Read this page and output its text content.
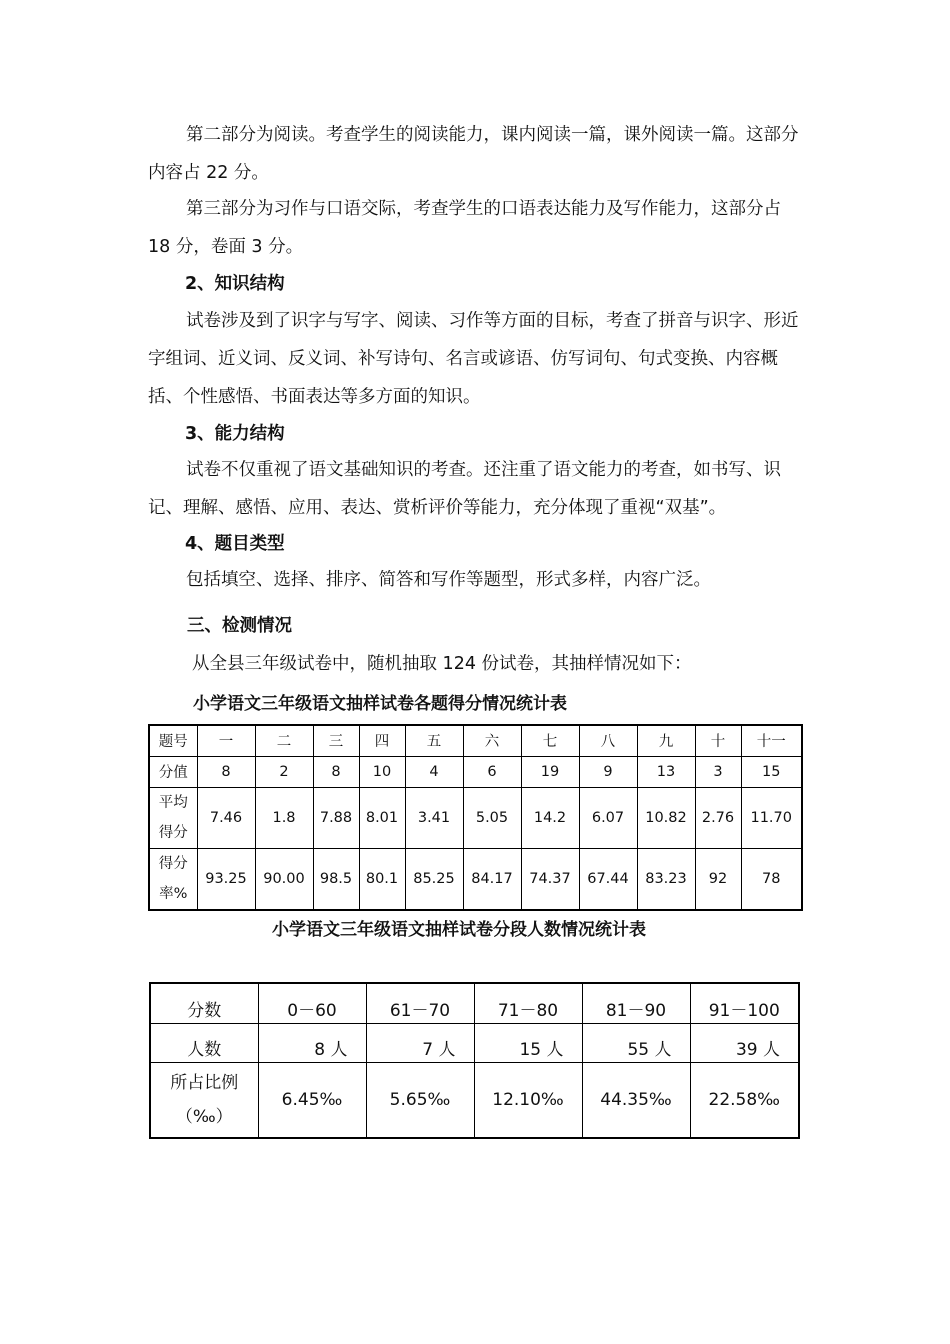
第二部分为阅读。考查学生的阅读能力，课内阅读一篇，课外阅读一篇。这部分内容占 22 分。

第三部分为习作与口语交际，考查学生的口语表达能力及写作能力，这部分占 18 分，卷面 3 分。

2、知识结构

试卷涉及到了识字与写字、阅读、习作等方面的目标，考查了拼音与识字、形近字组词、近义词、反义词、补写诗句、名言或谚语、仿写词句、句式变换、内容概括、个性感悟、书面表达等多方面的知识。

3、能力结构

试卷不仅重视了语文基础知识的考查。还注重了语文能力的考查，如书写、识记、理解、感悟、应用、表达、赏析评价等能力，充分体现了重视“双基”。

4、题目类型

包括填空、选择、排序、简答和写作等题型，形式多样，内容广泛。

三、检测情况

从全县三年级试卷中，随机抽取 124 份试卷，其抽样情况如下：

小学语文三年级语文抽样试卷各题得分情况统计表

题号	一	二	三	四	五	六	七	八	九	十	十一
分值	8	2	8	10	4	6	19	9	13	3	15
平均
得分	7.46	1.8	7.88	8.01	3.41	5.05	14.2	6.07	10.82	2.76	11.70
得分
率%	93.25	90.00	98.5	80.1	85.25	84.17	74.37	67.44	83.23	92	78

小学语文三年级语文抽样试卷分段人数情况统计表

分数	0－60	61－70	71－80	81－90	91－100
人数	8 人	7 人	15 人	55 人	39 人
所占比例
（‰）	6.45‰	5.65‰	12.10‰	44.35‰	22.58‰
